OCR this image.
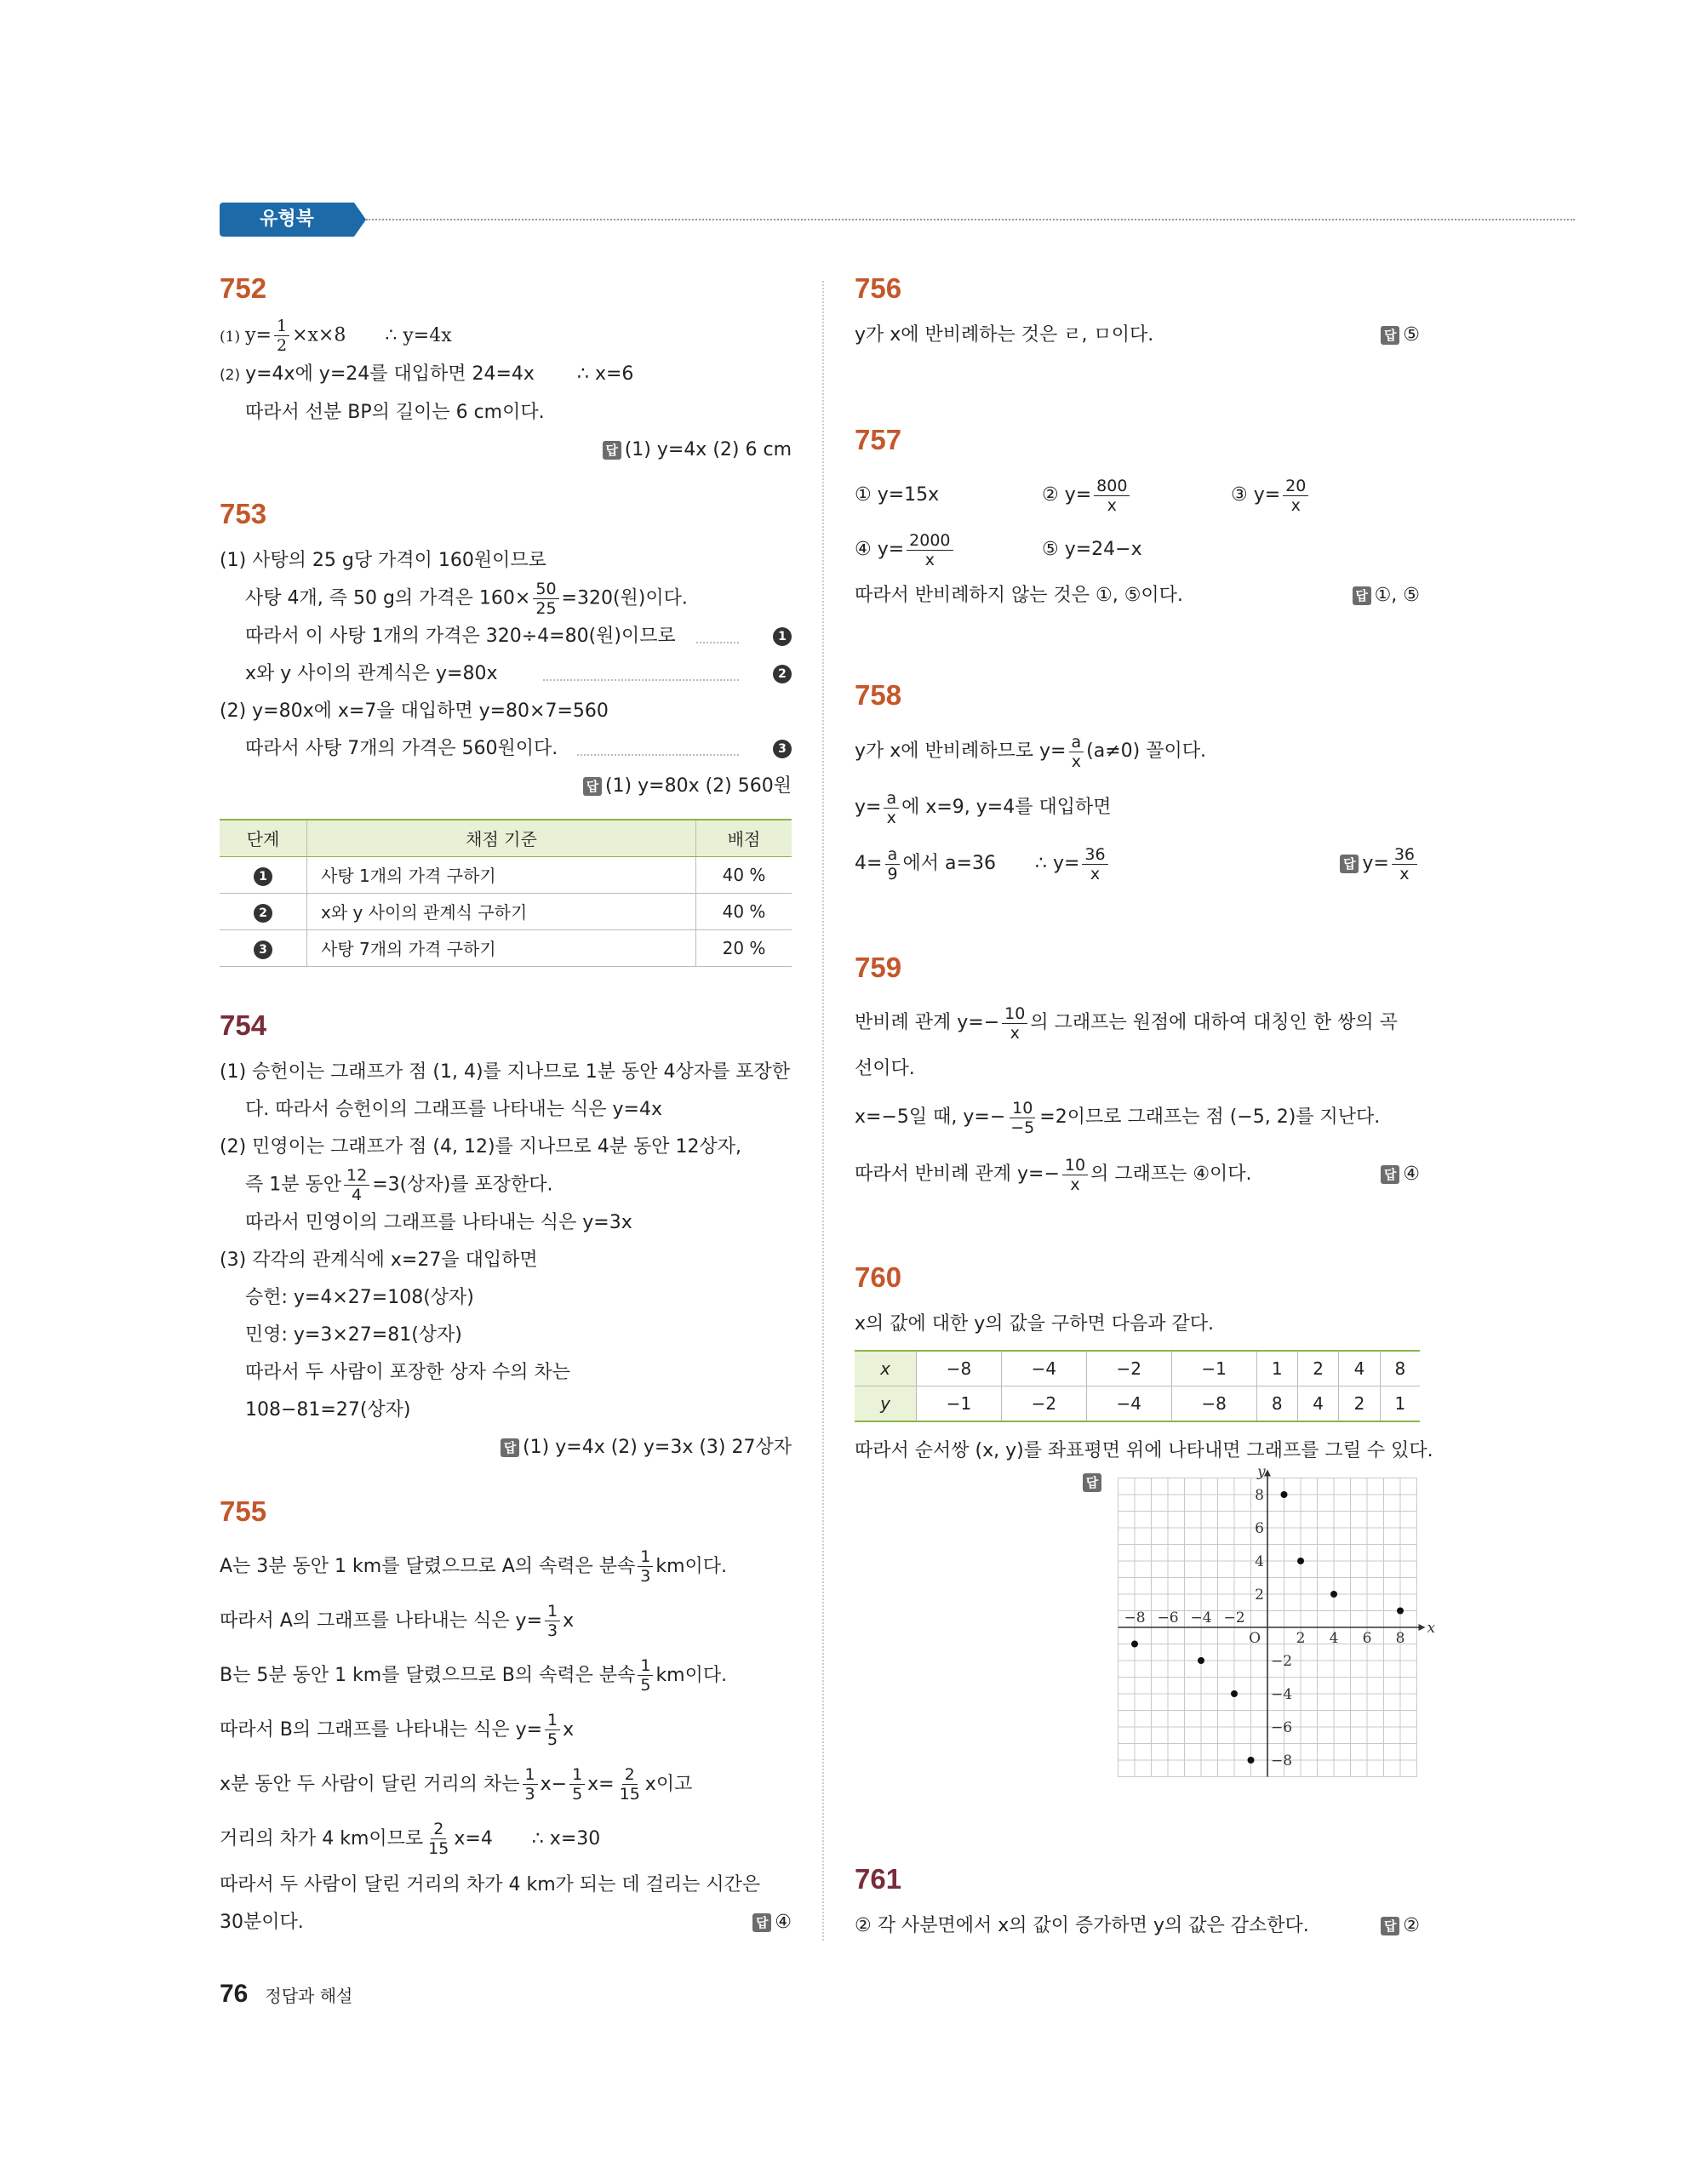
유형북
752
(1) $y= \frac{1}{2} \times x\times 8$ ∴ y=4x
(2) y=4x에 y=24를 대입하면 24=4x ∴ x=6
따라서 선분 BP의 길이는 6 cm이다.
답 (1) y=4x (2) 6 cm
753
(1) 사탕의 25 g당 가격이 160원이므로
사탕 4개, 즉 50 g의 가격은 $160\times \frac{50}{25} =320$(원)이다.
따라서 이 사탕 1개의 가격은 320÷4=80(원)이므로	1
x와 y 사이의 관계식은 y=80x	2
(2) y=80x에 x=7을 대입하면 y=80×7=560
따라서 사탕 7개의 가격은 560원이다.	3
답 (1) y=80x (2) 560원
단계	채점 기준	배점
1	사탕 1개의 가격 구하기	40 %
2	x와 y 사이의 관계식 구하기	40 %
3	사탕 7개의 가격 구하기	20 %
754
(1) 승헌이는 그래프가 점 (1, 4)를 지나므로 1분 동안 4상자를 포장한
다. 따라서 승헌이의 그래프를 나타내는 식은 y=4x
(2) 민영이는 그래프가 점 (4, 12)를 지나므로 4분 동안 12상자,
즉 1분 동안 $\frac{12}{4} =3$(상자)를 포장한다.
따라서 민영이의 그래프를 나타내는 식은 y=3x
(3) 각각의 관계식에 x=27을 대입하면
승헌: y=4×27=108(상자)
민영: y=3×27=81(상자)
따라서 두 사람이 포장한 상자 수의 차는
108−81=27(상자)
답 (1) y=4x (2) y=3x (3) 27상자
755
A는 3분 동안 1 km를 달렸으므로 A의 속력은 분속 $\frac{1}{3}$ km이다.
따라서 A의 그래프를 나타내는 식은 $y= \frac{1}{3}$ x
B는 5분 동안 1 km를 달렸으므로 B의 속력은 분속 $\frac{1}{5}$ km이다.
따라서 B의 그래프를 나타내는 식은 $y= \frac{1}{5}$ x
x분 동안 두 사람이 달린 거리의 차는 $\frac{1}{3} x- \frac{1}{5} x= \frac{2}{15}$ x이고
거리의 차가 4 km이므로 $\frac{2}{15} x=4$ ∴ x=30
따라서 두 사람이 달린 거리의 차가 4 km가 되는 데 걸리는 시간은
30분이다.	답 ④
756
y가 x에 반비례하는 것은 ㄹ, ㅁ이다.	답 ⑤
757
① y=15x	② $y= \frac{800}{x}$	③ $y= \frac{20}{x}$
④ $y= \frac{2000}{x}$	⑤ y=24−x
따라서 반비례하지 않는 것은 ①, ⑤이다.	답 ①, ⑤
758
y가 x에 반비례하므로 $y= \frac{a}{x} (a\ne 0)$ 꼴이다.
$y= \frac{a}{x}$ 에 x=9, y=4를 대입하면
$4= \frac{a}{9}$ 에서 a=36 ∴ $y= \frac{36}{x}$	답 $y= \frac{36}{x}$
759
반비례 관계 $y=- \frac{10}{x}$ 의 그래프는 원점에 대하여 대칭인 한 쌍의 곡
선이다.
x=−5일 때, $y=- \frac{10}{-5} =2$이므로 그래프는 점 (−5, 2)를 지난다.
따라서 반비례 관계 $y=- \frac{10}{x}$ 의 그래프는 ④이다.	답 ④
760
x의 값에 대한 y의 값을 구하면 다음과 같다.
x	−8	−4	−2	−1	1	2	4	8
y	−1	−2	−4	−8	8	4	2	1
따라서 순서쌍 (x, y)를 좌표평면 위에 나타내면 그래프를 그릴 수 있다.
답
−8 −6 −4 −2
2 4 6 8
−8
−6
−4
−2
2
4
6
8
O
x
y
761
② 각 사분면에서 x의 값이 증가하면 y의 값은 감소한다.	답 ②
76 정답과 해설
